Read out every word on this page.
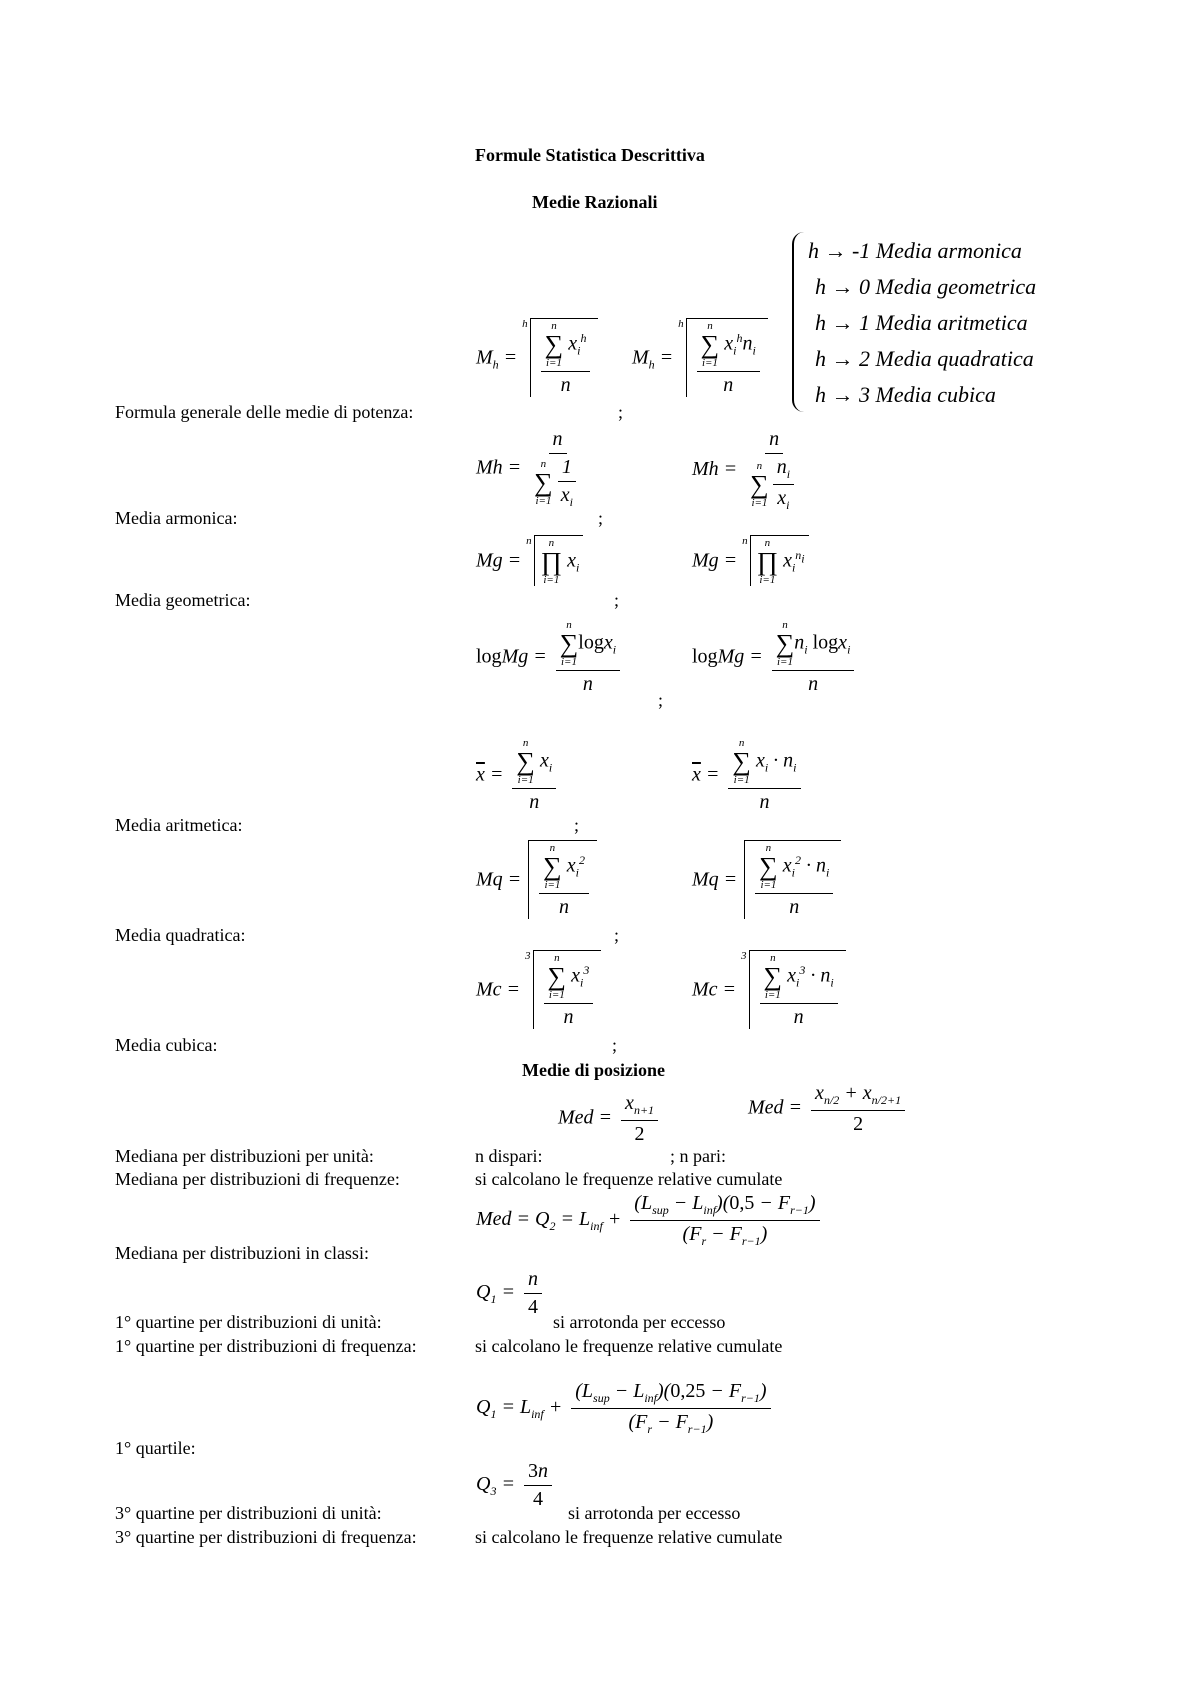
Formule Statistica Descrittiva
Medie Razionali
Formula generale delle medie di potenza:
$M_h = ^h$ n
∑
i=1
$x_i^h$
n
;
$M_h = ^h$ n
∑
i=1
$x_i^hn_i$
n
h → -1 Media armonica
h → 0 Media geometrica
h → 1 Media aritmetica
h → 2 Media quadratica
h → 3 Media cubica
Media armonica:
Mh = n
n
∑
$i=1 \frac{1}{x_i}$
;
Mh = n
n
∑
$i=1 \frac{n_i}{x_i}$
Media geometrica:
Mg = $^n$ n
∏
i=1
$x_i$
;
Mg = $^n$ n
∏
i=1
$x_i^{n_i}$
logMg = n
∑
i=1
logx$_i$
n
;
logMg = n
∑
i=1
$n_i$ logx$_i$
n
Media aritmetica:
$\overline{x} = n$
∑
i=1
$x_i$
n
;
$\overline{x} = n$
∑
i=1
$x_i \cdot n_i$
n
Media quadratica:
Mq = n
∑
i=1
$x_i^2$
n
;
Mq = n
∑
i=1
$x_i^2 \cdot n_i$
n
Media cubica:
Mc = $^3$ n
∑
i=1
$x_i^3$
n
;
Mc = $^3$ n
∑
i=1
$x_i^3 \cdot n_i$
n
Medie di posizione
Med = $\frac{x_{n+1}}{2}$	Med = $\frac{x_{n/2} + x_{n/2+1}}{2}$
Mediana per distribuzioni per unità:	n dispari:	; n pari:
Mediana per distribuzioni di frequenze:	si calcolano le frequenze relative cumulate
Med = $Q_2 = L_{inf} + \frac{(L_{sup} - L_{inf})(0,5 - F_{r-1})}{(F_r - F_{r-1})}$
Mediana per distribuzioni in classi:
$Q_1 = \frac{n}{4}$
si arrotonda per eccesso
1° quartine per distribuzioni di unità:
1° quartine per distribuzioni di frequenza:	si calcolano le frequenze relative cumulate
$Q_1 = L_{inf} + \frac{(L_{sup} - L_{inf})(0,25 - F_{r-1})}{(F_r - F_{r-1})}$
1° quartile:
$Q_3 = \frac{3n}{4}$
si arrotonda per eccesso
3° quartine per distribuzioni di unità:
3° quartine per distribuzioni di frequenza:	si calcolano le frequenze relative cumulate
